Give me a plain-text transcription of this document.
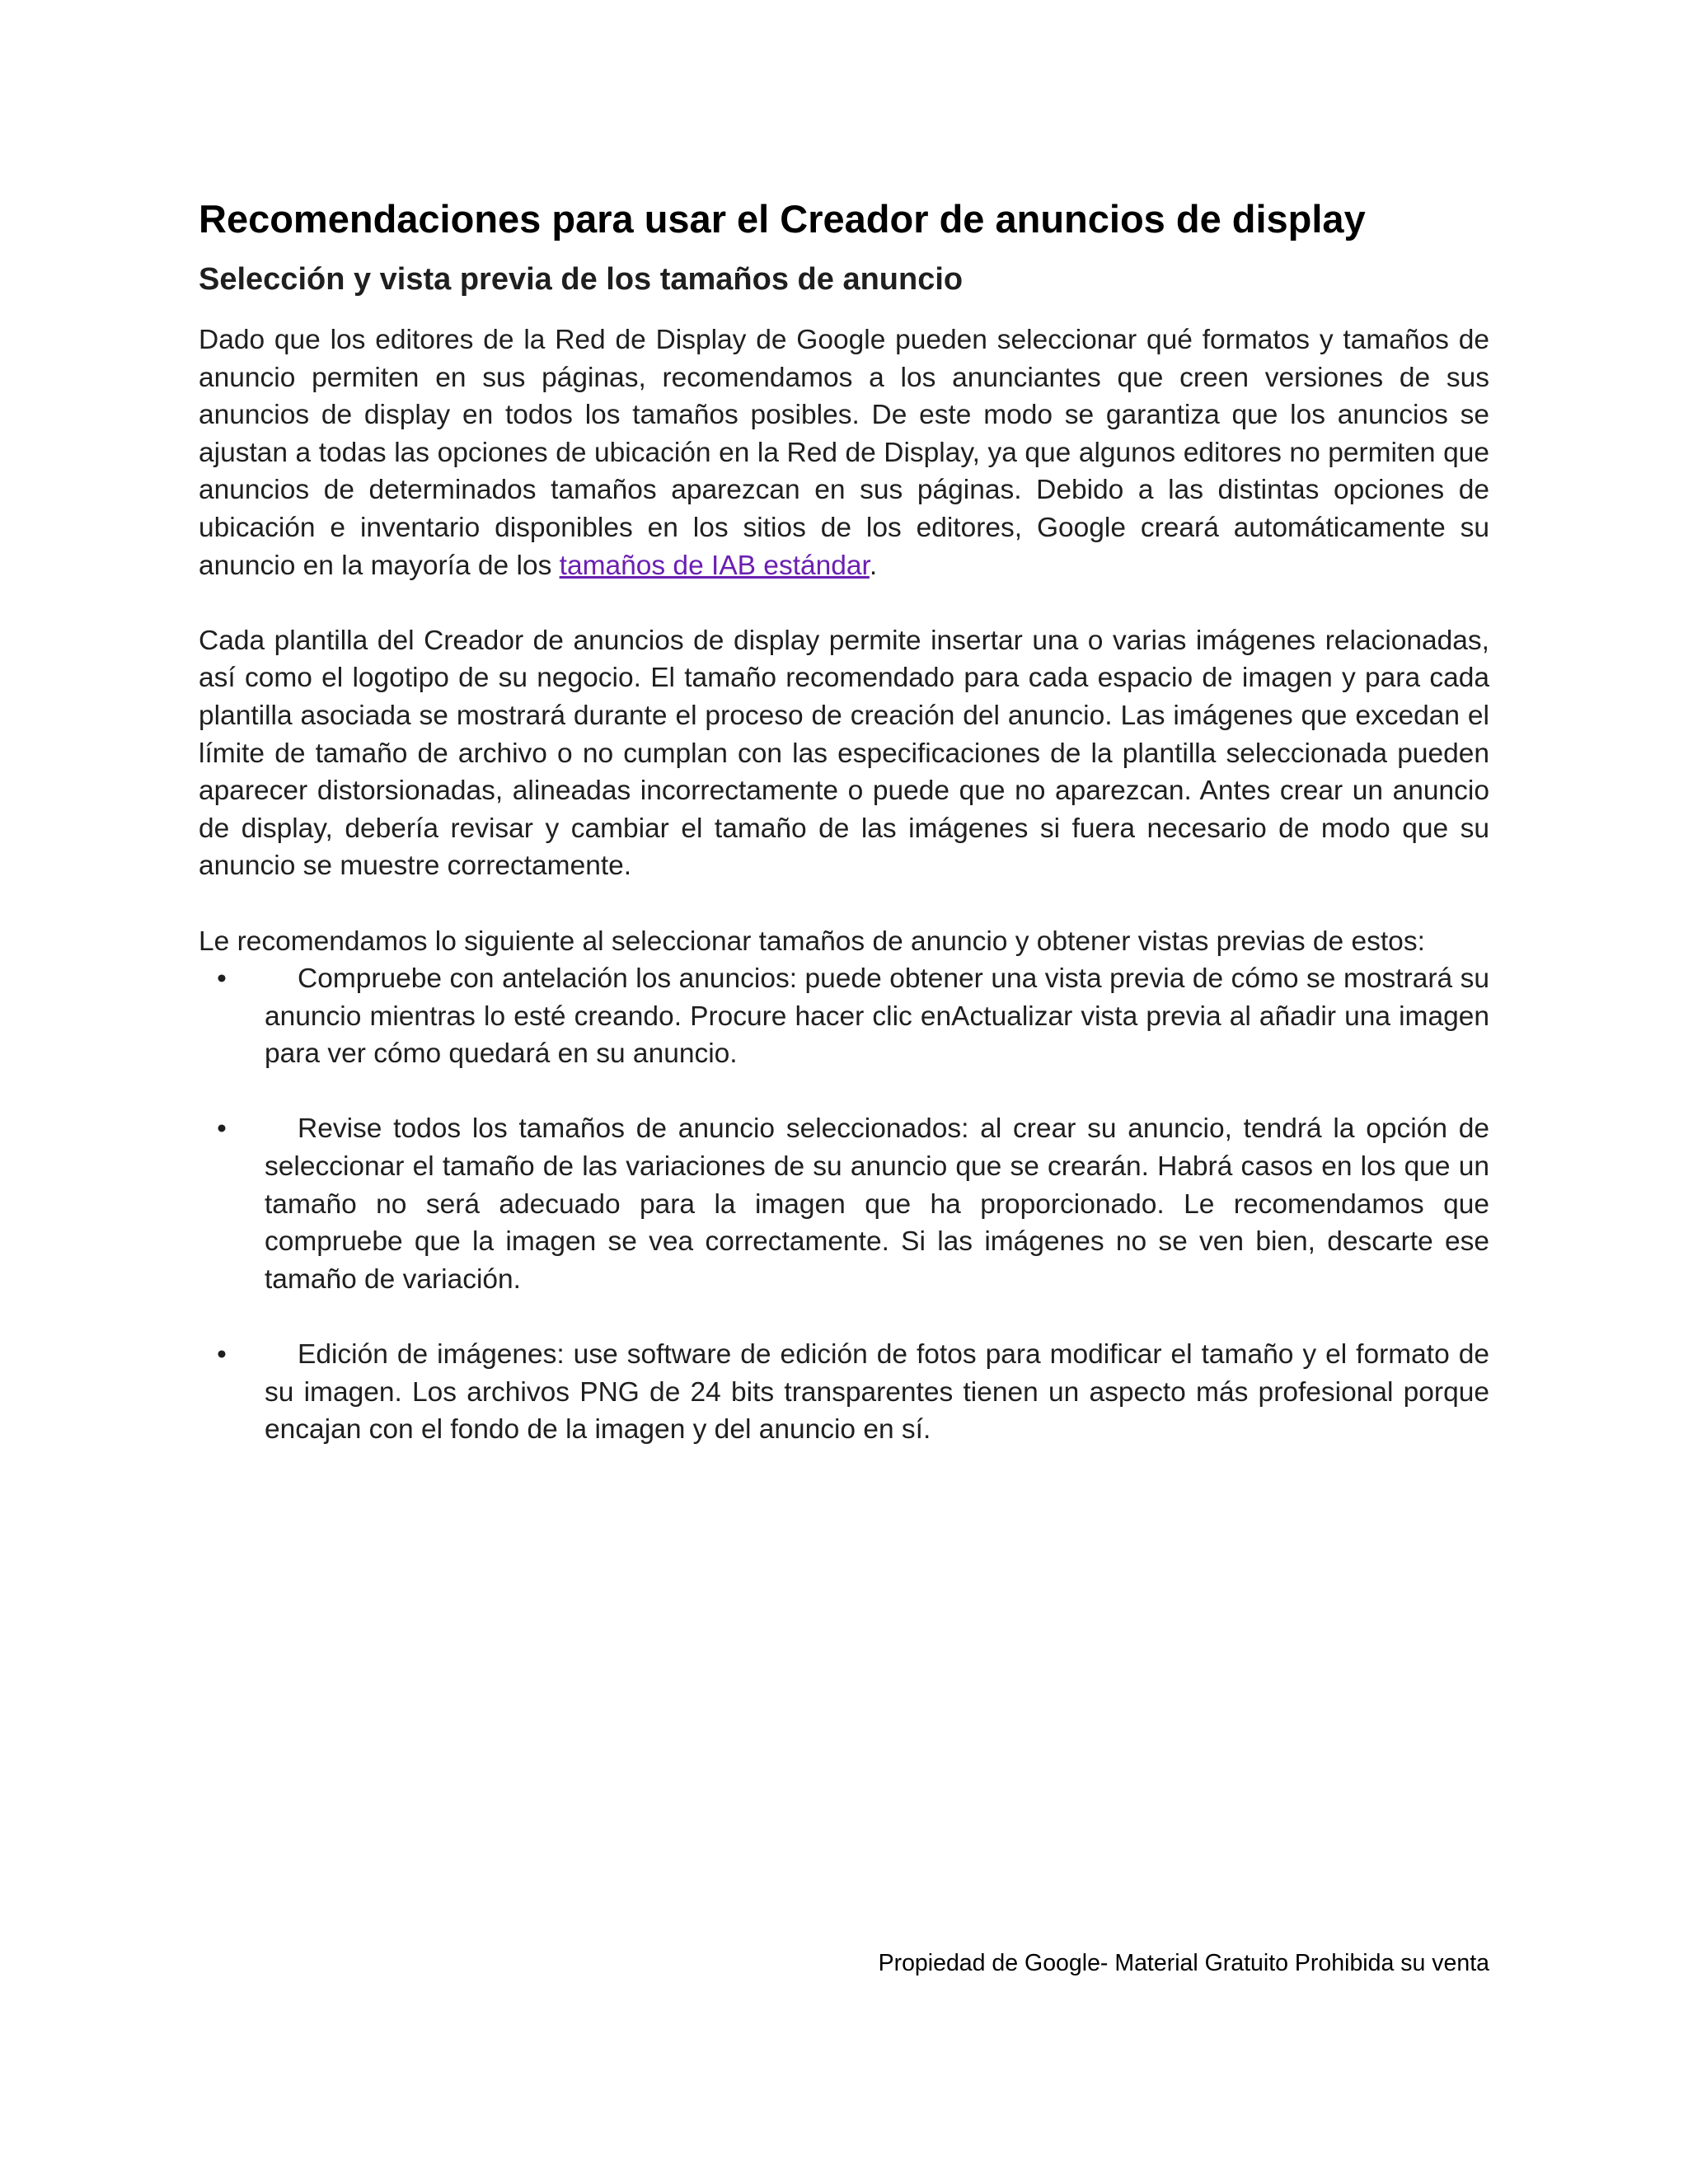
Recomendaciones para usar el Creador de anuncios de display
Selección y vista previa de los tamaños de anuncio

Dado que los editores de la Red de Display de Google pueden seleccionar qué formatos y tamaños de anuncio permiten en sus páginas, recomendamos a los anunciantes que creen versiones de sus anuncios de display en todos los tamaños posibles. De este modo se garantiza que los anuncios se ajustan a todas las opciones de ubicación en la Red de Display, ya que algunos editores no permiten que anuncios de determinados tamaños aparezcan en sus páginas. Debido a las distintas opciones de ubicación e inventario disponibles en los sitios de los editores, Google creará automáticamente su anuncio en la mayoría de los tamaños de IAB estándar.

Cada plantilla del Creador de anuncios de display permite insertar una o varias imágenes relacionadas, así como el logotipo de su negocio. El tamaño recomendado para cada espacio de imagen y para cada plantilla asociada se mostrará durante el proceso de creación del anuncio. Las imágenes que excedan el límite de tamaño de archivo o no cumplan con las especificaciones de la plantilla seleccionada pueden aparecer distorsionadas, alineadas incorrectamente o puede que no aparezcan. Antes crear un anuncio de display, debería revisar y cambiar el tamaño de las imágenes si fuera necesario de modo que su anuncio se muestre correctamente.

Le recomendamos lo siguiente al seleccionar tamaños de anuncio y obtener vistas previas de estos:

•	Compruebe con antelación los anuncios: puede obtener una vista previa de cómo se mostrará su anuncio mientras lo esté creando. Procure hacer clic enActualizar vista previa al añadir una imagen para ver cómo quedará en su anuncio.
•	Revise todos los tamaños de anuncio seleccionados: al crear su anuncio, tendrá la opción de seleccionar el tamaño de las variaciones de su anuncio que se crearán. Habrá casos en los que un tamaño no será adecuado para la imagen que ha proporcionado. Le recomendamos que compruebe que la imagen se vea correctamente. Si las imágenes no se ven bien, descarte ese tamaño de variación.
•	Edición de imágenes: use software de edición de fotos para modificar el tamaño y el formato de su imagen. Los archivos PNG de 24 bits transparentes tienen un aspecto más profesional porque encajan con el fondo de la imagen y del anuncio en sí.
Propiedad de Google- Material Gratuito Prohibida su venta
